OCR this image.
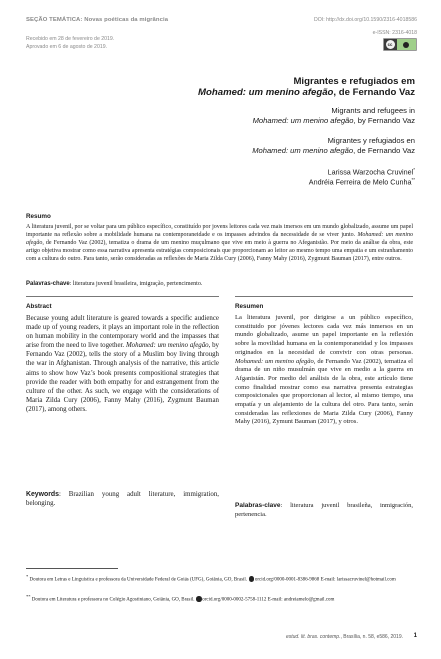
SEÇÃO TEMÁTICA: Novas poéticas da migrância	DOI: http://dx.doi.org/10.1590/2316-4018586
e-ISSN: 2316-4018
Recebido em 28 de fevereiro de 2019.
Aprovado em 6 de agosto de 2019.	cc
Migrantes e refugiados em
Mohamed: um menino afegão, de Fernando Vaz
Migrants and refugees in
Mohamed: um menino afegão, by Fernando Vaz
Migrantes y refugiados en
Mohamed: um menino afegão, de Fernando Vaz
Larissa Warzocha Cruvinel*
Andréia Ferreira de Melo Cunha**
Resumo

A literatura juvenil, por se voltar para um público específico, constituído por jovens leitores cada vez mais imersos em um mundo globalizado, assume um papel importante na reflexão sobre a mobilidade humana na contemporaneidade e os impasses advindos da necessidade de se viver junto. Mohamed: um menino afegão, de Fernando Vaz (2002), tematiza o drama de um menino muçulmano que vive em meio à guerra no Afeganistão. Por meio da análise da obra, este artigo objetiva mostrar como essa narrativa apresenta estratégias composicionais que proporcionam ao leitor ao mesmo tempo uma empatia e um estranhamento com a cultura do outro. Para tanto, serão consideradas as reflexões de Maria Zilda Cury (2006), Fanny Mahy (2016), Zygmunt Bauman (2017), entre outros.

Palavras-chave: literatura juvenil brasileira, imigração, pertencimento.

Abstract

Because young adult literature is geared towards a specific audience made up of young readers, it plays an important role in the reflection on human mobility in the contemporary world and the impasses that arise from the need to live together. Mohamed: um menino afegão, by Fernando Vaz (2002), tells the story of a Muslim boy living through the war in Afghanistan. Through analysis of the narrative, this article aims to show how Vaz’s book presents compositional strategies that provide the reader with both empathy for and estrangement from the culture of the other. As such, we engage with the considerations of Maria Zilda Cury (2006), Fanny Mahy (2016), Zygmunt Bauman (2017), among others.

Keywords: Brazilian young adult literature, immigration, belonging.

Resumen

La literatura juvenil, por dirigirse a un público específico, constituido por jóvenes lectores cada vez más inmersos en un mundo globalizado, asume un papel importante en la reflexión sobre la movilidad humana en la contemporaneidad y los impasses originados en la necesidad de convivir con otras personas. Mohamed: um menino afegão, de Fernando Vaz (2002), tematiza el drama de un niño musulmán que vive en medio a la guerra en Afganistán. Por medio del análisis de la obra, este artículo tiene como finalidad mostrar como esa narrativa presenta estrategias composicionales que proporcionan al lector, al mismo tiempo, una empatía y un alejamiento de la cultura del otro. Para tanto, serán consideradas las reflexiones de Maria Zilda Cury (2006), Fanny Mahy (2016), Zymunt Bauman (2017), y otros.

Palabras-clave: literatura juvenil brasileña, inmigración, pertenencia.

* Doutora em Letras e Linguística e professora da Universidade Federal de Goiás (UFG), Goiânia, GO, Brasil. orcid.org/0000-0001-8386-9868 E-mail: larissacruvinel@hotmail.com

** Doutora em Literatura e professora no Colégio Agostiniano, Goiânia, GO, Brasil. orcid.org/0000-0002-5758-1112 E-mail: andreiamelo@gmail.com

estud. lit. bras. contemp., Brasília, n. 58, e586, 2019. 1
